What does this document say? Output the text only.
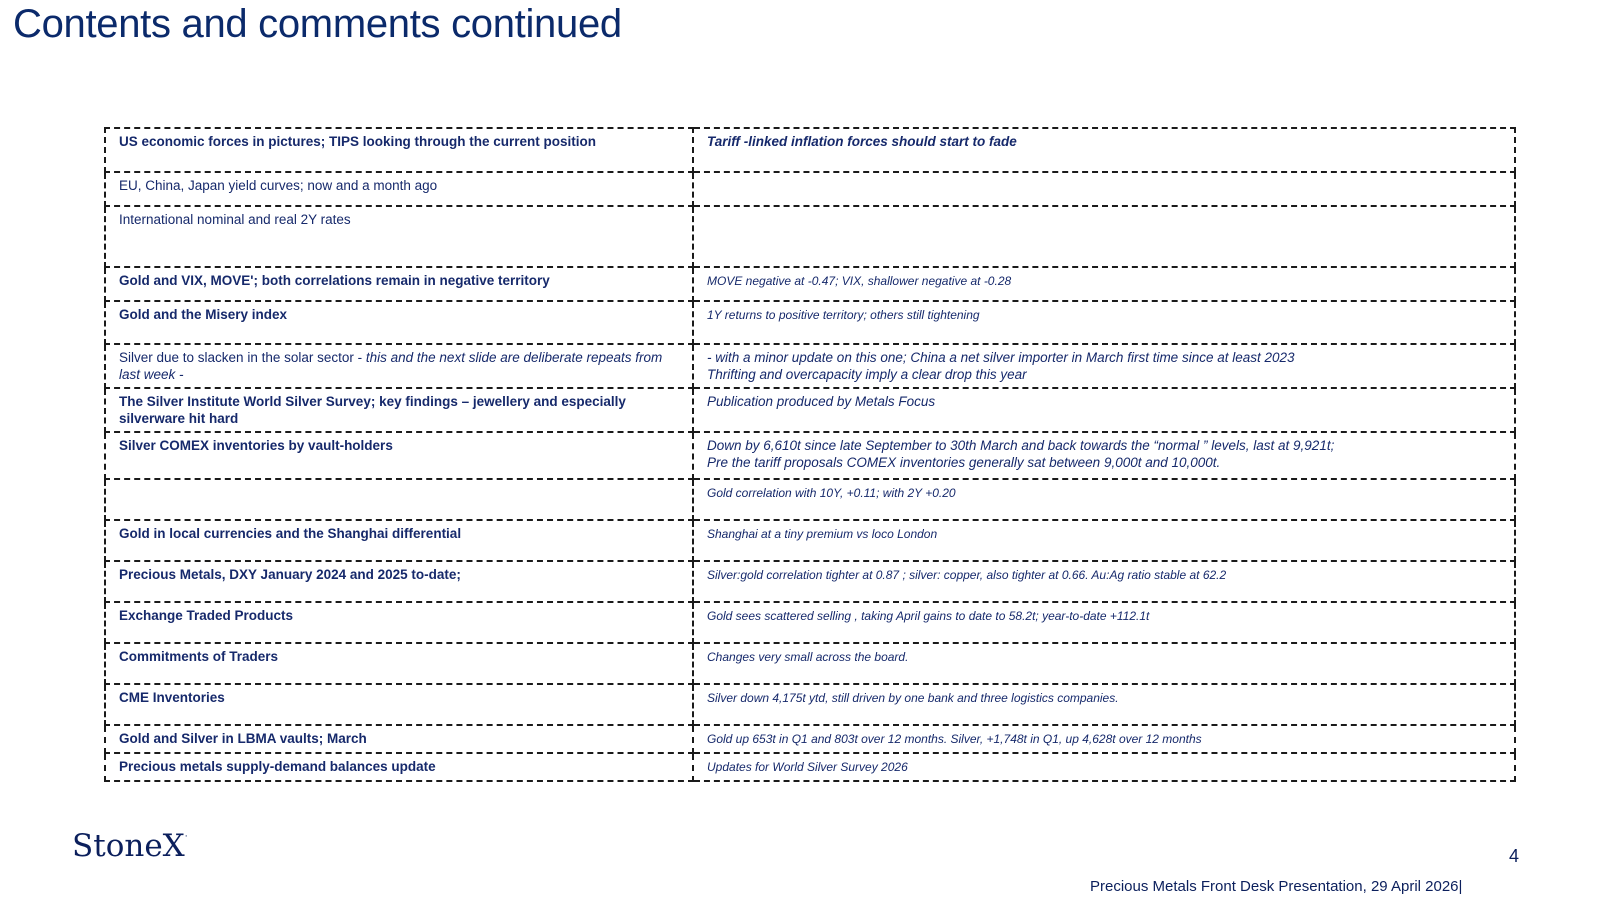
Contents and comments continued
US economic forces in pictures; TIPS looking through the current position	Tariff -linked inflation forces should start to fade
EU, China, Japan yield curves; now and a month ago	
International nominal and real 2Y rates	
Gold and VIX, MOVE'; both correlations remain in negative territory	MOVE negative at -0.47; VIX, shallower negative at -0.28
Gold and the Misery index	1Y returns to positive territory; others still tightening
Silver due to slacken in the solar sector - this and the next slide are deliberate repeats from last week -	- with a minor update on this one; China a net silver importer in March first time since at least 2023
Thrifting and overcapacity imply a clear drop this year

The Silver Institute World Silver Survey; key findings – jewellery and especially silverware hit hard	Publication produced by Metals Focus
Silver COMEX inventories by vault-holders	Down by 6,610t since late September to 30th March and back towards the “normal ” levels, last at 9,921t;
Pre the tariff proposals COMEX inventories generally sat between 9,000t and 10,000t.

	Gold correlation with 10Y, +0.11; with 2Y +0.20
Gold in local currencies and the Shanghai differential	Shanghai at a tiny premium vs loco London
Precious Metals, DXY January 2024 and 2025 to-date;	Silver:gold correlation tighter at 0.87 ; silver: copper, also tighter at 0.66. Au:Ag ratio stable at 62.2
Exchange Traded Products	Gold sees scattered selling , taking April gains to date to 58.2t; year-to-date +112.1t
Commitments of Traders	Changes very small across the board.
CME Inventories	Silver down 4,175t ytd, still driven by one bank and three logistics companies.
Gold and Silver in LBMA vaults; March	Gold up 653t in Q1 and 803t over 12 months. Silver, +1,748t in Q1, up 4,628t over 12 months
Precious metals supply-demand balances update	Updates for World Silver Survey 2026
StoneX·
4
Precious Metals Front Desk Presentation, 29 April 2026|
